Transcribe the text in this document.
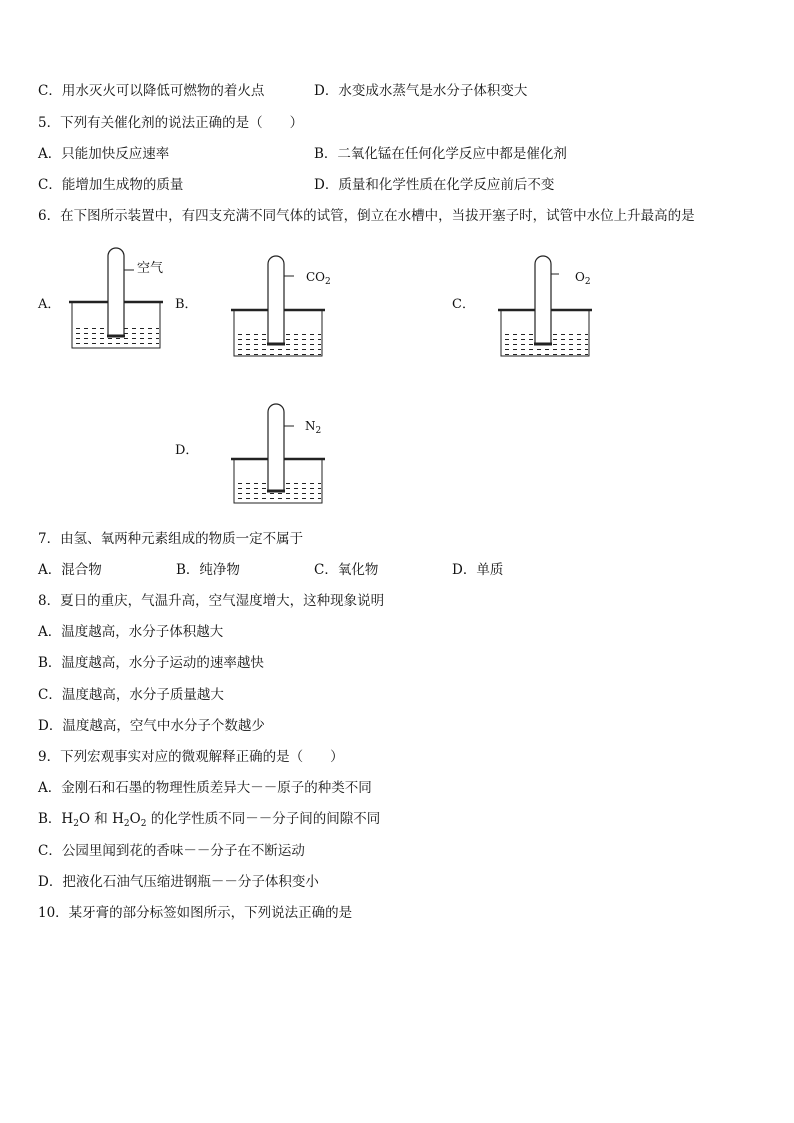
C．用水灭火可以降低可燃物的着火点	D．水变成水蒸气是水分子体积变大
5．下列有关催化剂的说法正确的是（　　）
A．只能加快反应速率	B．二氧化锰在任何化学反应中都是催化剂
C．能增加生成物的质量	D．质量和化学性质在化学反应前后不变
6．在下图所示装置中，有四支充满不同气体的试管，倒立在水槽中，当拔开塞子时，试管中水位上升最高的是
A．
空气
B．
$CO_2$
C．
$O_2$
D．
$N_2$
7．由氢、氧两种元素组成的物质一定不属于
A．混合物	B．纯净物	C．氧化物	D．单质
8．夏日的重庆，气温升高，空气湿度增大，这种现象说明
A．温度越高，水分子体积越大
B．温度越高，水分子运动的速率越快
C．温度越高，水分子质量越大
D．温度越高，空气中水分子个数越少
9．下列宏观事实对应的微观解释正确的是（　　）
A．金刚石和石墨的物理性质差异大－－原子的种类不同
B．$H_2O$ 和 $H_2O_2$ 的化学性质不同－－分子间的间隙不同
C．公园里闻到花的香味－－分子在不断运动
D．把液化石油气压缩进钢瓶－－分子体积变小
10．某牙膏的部分标签如图所示，下列说法正确的是
